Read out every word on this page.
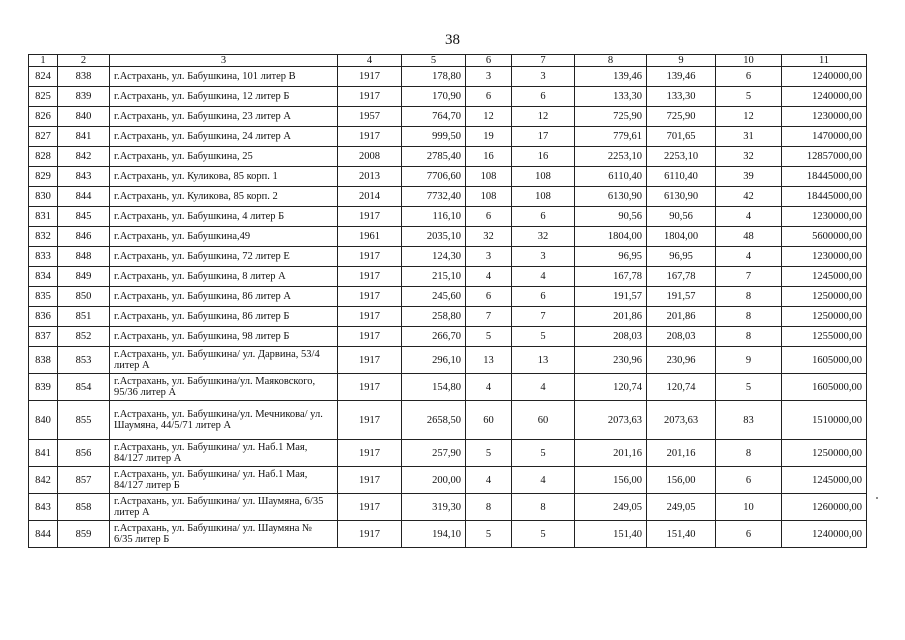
38
1	2	3	4	5	6	7	8	9	10	11
824	838	г.Астрахань, ул. Бабушкина, 101 литер В	1917	178,80	3	3	139,46	139,46	6	1240000,00
825	839	г.Астрахань, ул. Бабушкина, 12 литер Б	1917	170,90	6	6	133,30	133,30	5	1240000,00
826	840	г.Астрахань, ул. Бабушкина, 23 литер А	1957	764,70	12	12	725,90	725,90	12	1230000,00
827	841	г.Астрахань, ул. Бабушкина, 24 литер А	1917	999,50	19	17	779,61	701,65	31	1470000,00
828	842	г.Астрахань, ул. Бабушкина, 25	2008	2785,40	16	16	2253,10	2253,10	32	12857000,00
829	843	г.Астрахань, ул. Куликова, 85 корп. 1	2013	7706,60	108	108	6110,40	6110,40	39	18445000,00
830	844	г.Астрахань, ул. Куликова, 85 корп. 2	2014	7732,40	108	108	6130,90	6130,90	42	18445000,00
831	845	г.Астрахань, ул. Бабушкина, 4 литер Б	1917	116,10	6	6	90,56	90,56	4	1230000,00
832	846	г.Астрахань, ул. Бабушкина,49	1961	2035,10	32	32	1804,00	1804,00	48	5600000,00
833	848	г.Астрахань, ул. Бабушкина, 72 литер Е	1917	124,30	3	3	96,95	96,95	4	1230000,00
834	849	г.Астрахань, ул. Бабушкина, 8 литер А	1917	215,10	4	4	167,78	167,78	7	1245000,00
835	850	г.Астрахань, ул. Бабушкина, 86 литер А	1917	245,60	6	6	191,57	191,57	8	1250000,00
836	851	г.Астрахань, ул. Бабушкина, 86 литер Б	1917	258,80	7	7	201,86	201,86	8	1250000,00
837	852	г.Астрахань, ул. Бабушкина, 98 литер Б	1917	266,70	5	5	208,03	208,03	8	1255000,00
838	853	г.Астрахань, ул. Бабушкина/ ул. Дарвина, 53/4 литер А	1917	296,10	13	13	230,96	230,96	9	1605000,00
839	854	г.Астрахань, ул. Бабушкина/ул. Маяковского, 95/36 литер А	1917	154,80	4	4	120,74	120,74	5	1605000,00
840	855	г.Астрахань, ул. Бабушкина/ул. Мечникова/ ул. Шаумяна, 44/5/71 литер А	1917	2658,50	60	60	2073,63	2073,63	83	1510000,00
841	856	г.Астрахань, ул. Бабушкина/ ул. Наб.1 Мая, 84/127 литер А	1917	257,90	5	5	201,16	201,16	8	1250000,00
842	857	г.Астрахань, ул. Бабушкина/ ул. Наб.1 Мая, 84/127 литер Б	1917	200,00	4	4	156,00	156,00	6	1245000,00
843	858	г.Астрахань, ул. Бабушкина/ ул. Шаумяна, 6/35 литер А	1917	319,30	8	8	249,05	249,05	10	1260000,00
844	859	г.Астрахань, ул. Бабушкина/ ул. Шаумяна № 6/35 литер Б	1917	194,10	5	5	151,40	151,40	6	1240000,00
